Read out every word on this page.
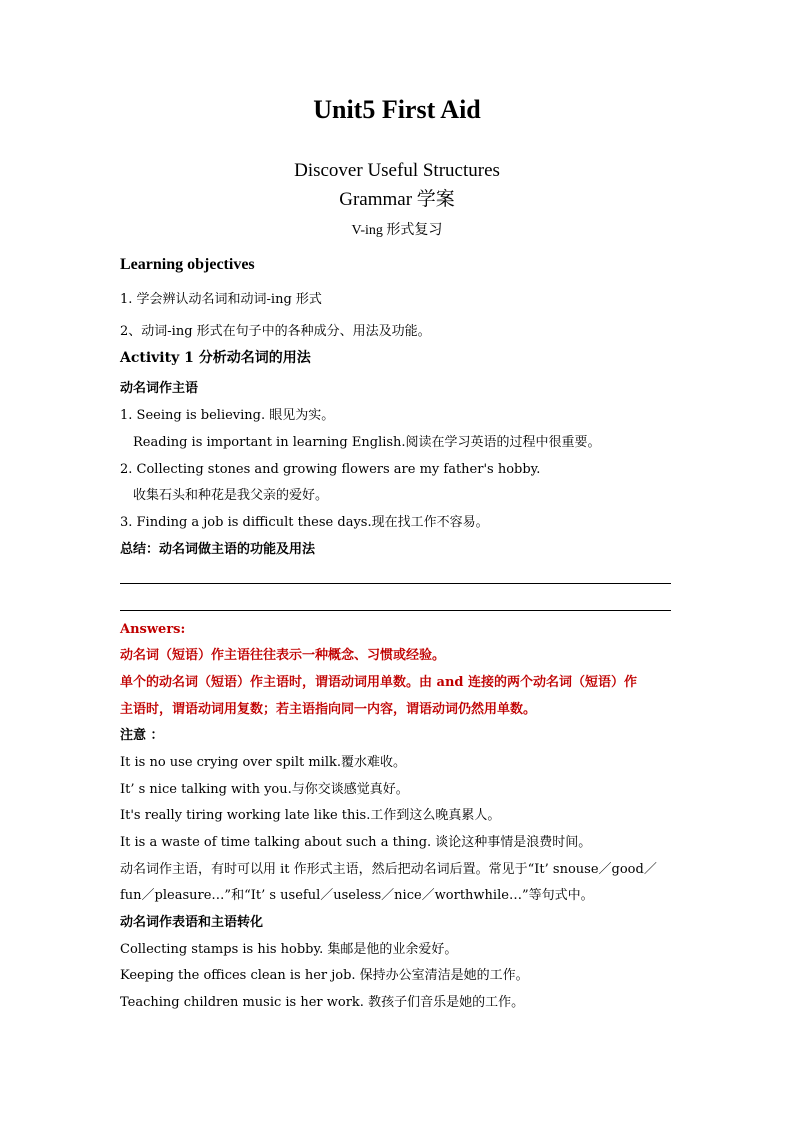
Unit5 First Aid
Discover Useful Structures
Grammar 学案
V-ing 形式复习
Learning objectives
1. 学会辨认动名词和动词-ing 形式
2、动词-ing 形式在句子中的各种成分、用法及功能。
Activity 1 分析动名词的用法
动名词作主语
1. Seeing is believing. 眼见为实。
Reading is important in learning English.阅读在学习英语的过程中很重要。
2. Collecting stones and growing flowers are my father's hobby.
收集石头和种花是我父亲的爱好。
3. Finding a job is difficult these days.现在找工作不容易。
总结：动名词做主语的功能及用法
Answers:
动名词（短语）作主语往往表示一种概念、习惯或经验。
单个的动名词（短语）作主语时，谓语动词用单数。由 and 连接的两个动名词（短语）作
主语时，谓语动词用复数；若主语指向同一内容，谓语动词仍然用单数。
注意 ：
It is no use crying over spilt milk.覆水难收。
It’ s nice talking with you.与你交谈感觉真好。
It's really tiring working late like this.工作到这么晚真累人。
It is a waste of time talking about such a thing. 谈论这种事情是浪费时间。
动名词作主语，有时可以用 it 作形式主语，然后把动名词后置。常见于“It’ snouse／good／
fun／pleasure…”和“It’ s useful／useless／nice／worthwhile…”等句式中。
动名词作表语和主语转化
Collecting stamps is his hobby. 集邮是他的业余爱好。
Keeping the offices clean is her job. 保持办公室清洁是她的工作。
Teaching children music is her work. 教孩子们音乐是她的工作。
